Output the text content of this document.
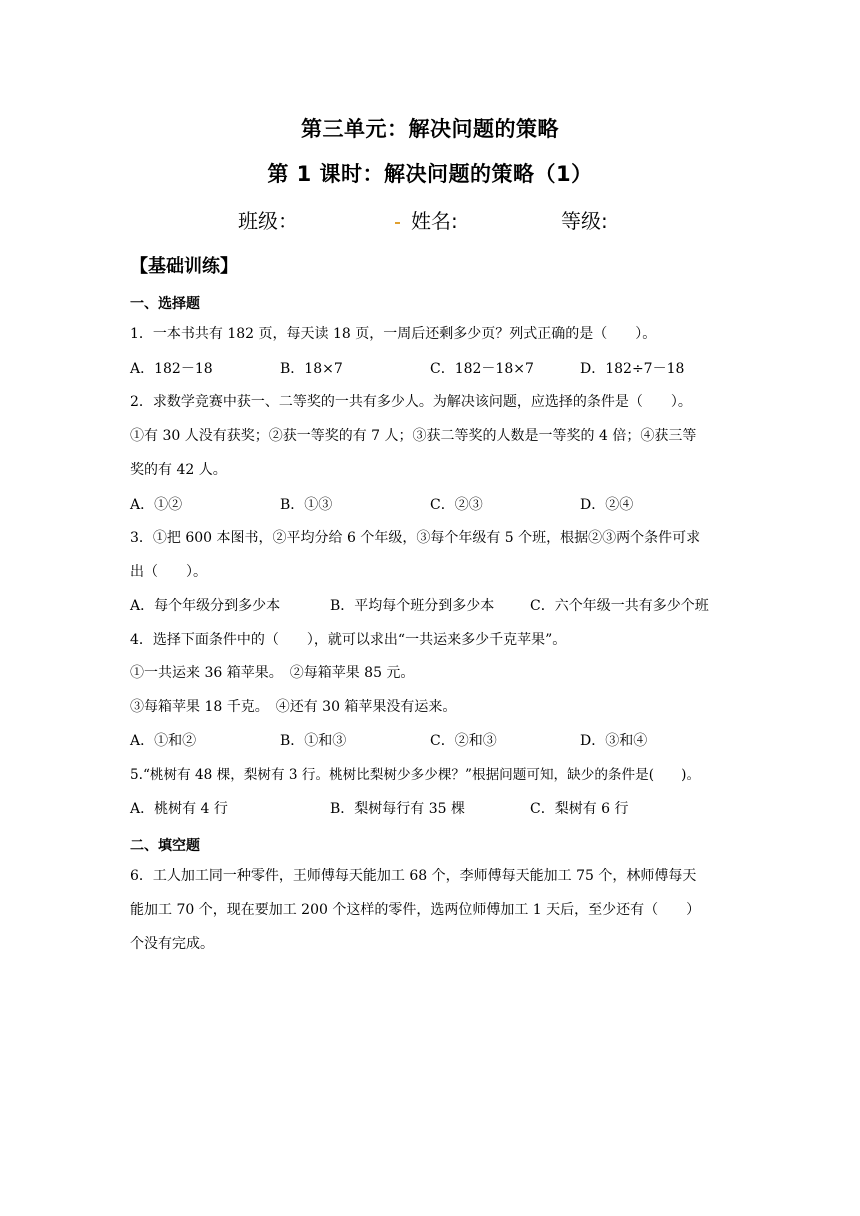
第三单元：解决问题的策略
第 1 课时：解决问题的策略（1）
班级：	姓名:	等级:
【基础训练】
一、选择题
1．一本书共有 182 页，每天读 18 页，一周后还剩多少页？列式正确的是（　　）。
A．182－18	B．18×7	C．182－18×7	D．182÷7－18
2．求数学竞赛中获一、二等奖的一共有多少人。为解决该问题，应选择的条件是（　　）。
①有 30 人没有获奖；②获一等奖的有 7 人；③获二等奖的人数是一等奖的 4 倍；④获三等
奖的有 42 人。
A．①②	B．①③	C．②③	D．②④
3．①把 600 本图书，②平均分给 6 个年级，③每个年级有 5 个班，根据②③两个条件可求
出（　　）。
A．每个年级分到多少本	B．平均每个班分到多少本	C．六个年级一共有多少个班
4．选择下面条件中的（　　），就可以求出“一共运来多少千克苹果”。
①一共运来 36 箱苹果。　②每箱苹果 85 元。
③每箱苹果 18 千克。　④还有 30 箱苹果没有运来。
A．①和②	B．①和③	C．②和③	D．③和④
5.“桃树有 48 棵，梨树有 3 行。桃树比梨树少多少棵？”根据问题可知，缺少的条件是(　　)。
A．桃树有 4 行	B．梨树每行有 35 棵	C．梨树有 6 行
二、填空题
6．工人加工同一种零件，王师傅每天能加工 68 个，李师傅每天能加工 75 个，林师傅每天
能加工 70 个，现在要加工 200 个这样的零件，选两位师傅加工 1 天后，至少还有（　　）
个没有完成。
